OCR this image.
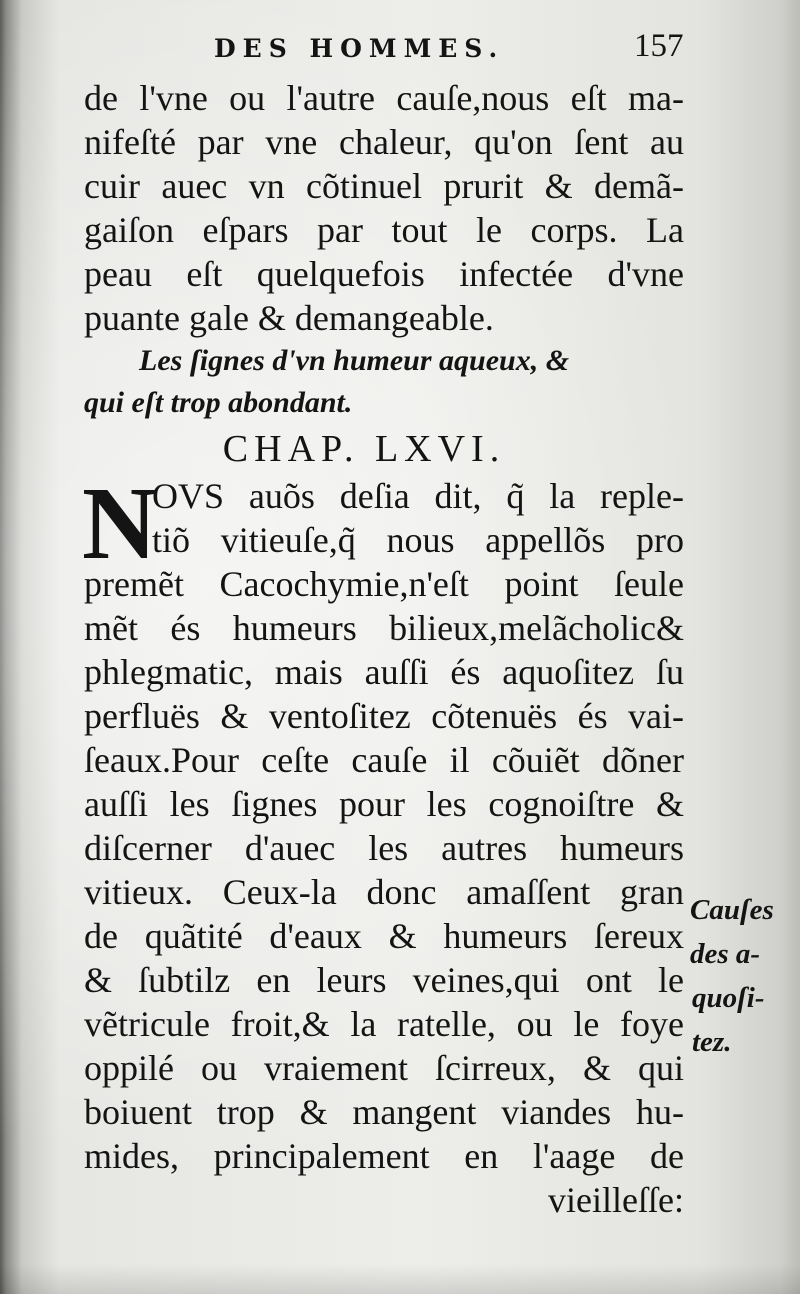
DES HOMMES.	157
de l'vne ou l'autre cauſe,nous eſt ma-
nifeſté par vne chaleur, qu'on ſent au
cuir auec vn cõtinuel prurit & demã-
gaiſon eſpars par tout le corps. La
peau eſt quelquefois infectée d'vne
puante gale & demangeable.
Les ſignes d'vn humeur aqueux, &
qui eſt trop abondant.
CHAP. LXVI.
N
OVS auõs deſia dit, q̃ la reple-
tiõ vitieuſe,q̃ nous appellõs pro
premẽt Cacochymie,n'eſt point ſeule
mẽt és humeurs bilieux,melãcholic&
phlegmatic, mais auſſi és aquoſitez ſu
perfluës & ventoſitez cõtenuës és vai-
ſeaux.Pour ceſte cauſe il cõuiẽt dõner
auſſi les ſignes pour les cognoiſtre &
diſcerner d'auec les autres humeurs
vitieux. Ceux-la donc amaſſent gran
de quãtité d'eaux & humeurs ſereux
& ſubtilz en leurs veines,qui ont le
vẽtricule froit,& la ratelle, ou le foye
oppilé ou vraiement ſcirreux, & qui
boiuent trop & mangent viandes hu-
mides, principalement en l'aage de
vieilleſſe:
Cauſes
des a-
quoſi-
tez.
